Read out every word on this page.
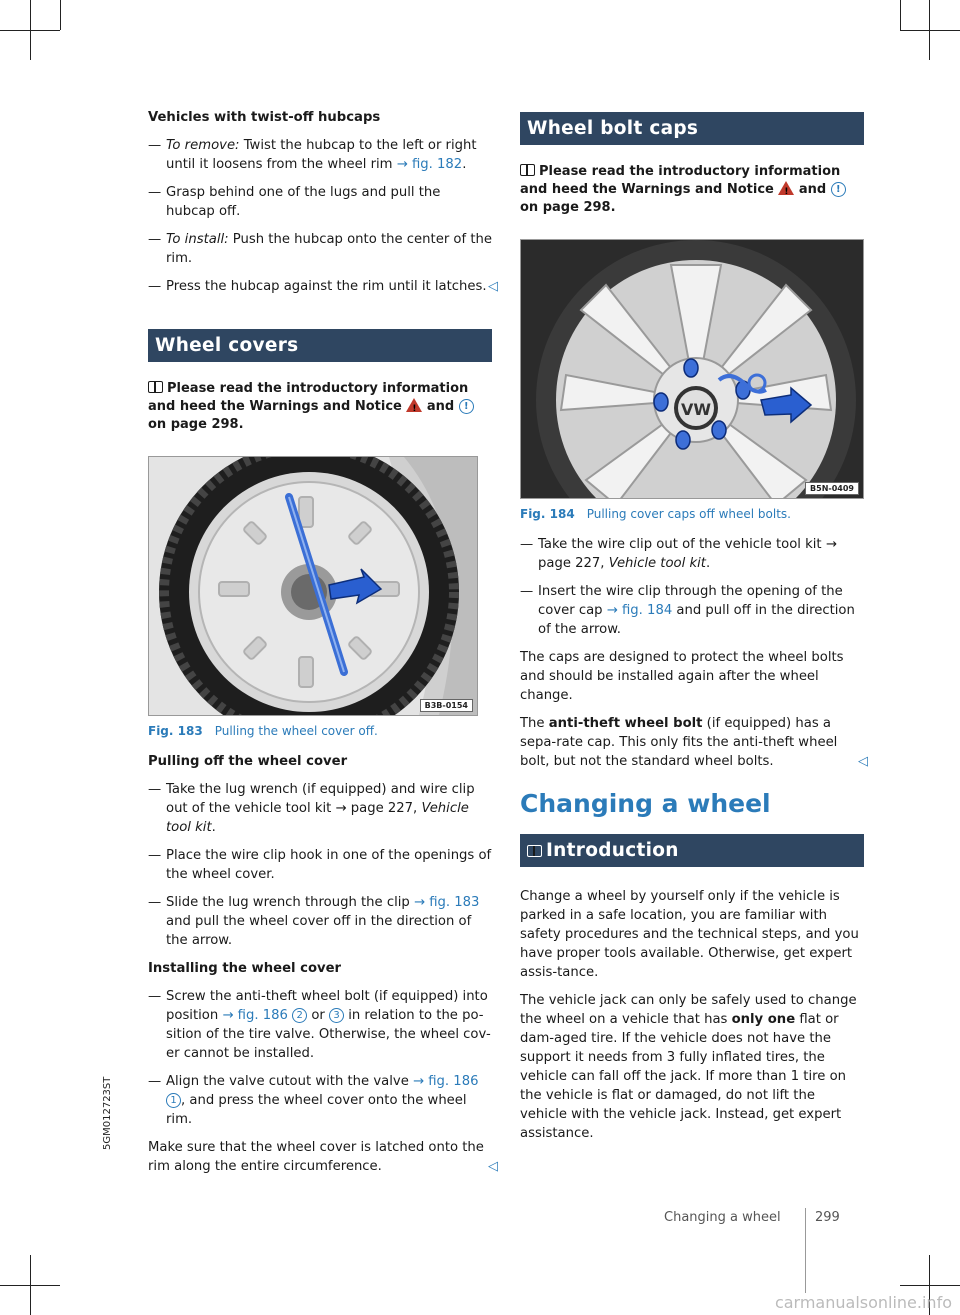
5GM012723ST

Vehicles with twist-off hubcaps

— To remove: Twist the hubcap to the left or right until it loosens from the wheel rim → fig. 182.
— Grasp behind one of the lugs and pull the hubcap off.
— To install: Push the hubcap onto the center of the rim.
— Press the hubcap against the rim until it latches. ◁
Wheel covers

Please read the introductory information and heed the Warnings and Notice ! and ! on page 298.

B3B-0154
Fig. 183 Pulling the wheel cover off.

Pulling off the wheel cover

— Take the lug wrench (if equipped) and wire clip out of the vehicle tool kit → page 227, Vehicle tool kit.
— Place the wire clip hook in one of the openings of the wheel cover.
— Slide the lug wrench through the clip → fig. 183 and pull the wheel cover off in the direction of the arrow.

Installing the wheel cover

— Screw the anti-theft wheel bolt (if equipped) into position → fig. 186 2 or 3 in relation to the po-sition of the tire valve. Otherwise, the wheel cov-er cannot be installed.
— Align the valve cutout with the valve → fig. 186 1 , and press the wheel cover onto the wheel rim.
Make sure that the wheel cover is latched onto the rim along the entire circumference.	◁
Wheel bolt caps

Please read the introductory information and heed the Warnings and Notice ! and ! on page 298.

VW
B5N-0409
Fig. 184 Pulling cover caps off wheel bolts.
— Take the wire clip out of the vehicle tool kit → page 227, Vehicle tool kit.
— Insert the wire clip through the opening of the cover cap → fig. 184 and pull off in the direction of the arrow.

The caps are designed to protect the wheel bolts and should be installed again after the wheel change.

The anti-theft wheel bolt (if equipped) has a sepa-rate cap. This only fits the anti-theft wheel bolt, but not the standard wheel bolts.	◁
Changing a wheel
Introduction

Change a wheel by yourself only if the vehicle is parked in a safe location, you are familiar with safety procedures and the technical steps, and you have proper tools available. Otherwise, get expert assis-tance.

The vehicle jack can only be safely used to change the wheel on a vehicle that has only one flat or dam-aged tire. If the vehicle does not have the support it needs from 3 fully inflated tires, the vehicle can fall off the jack. If more than 1 tire on the vehicle is flat or damaged, do not lift the vehicle with the vehicle jack. Instead, get expert assistance.

Changing a wheel	299
carmanualsonline.info
